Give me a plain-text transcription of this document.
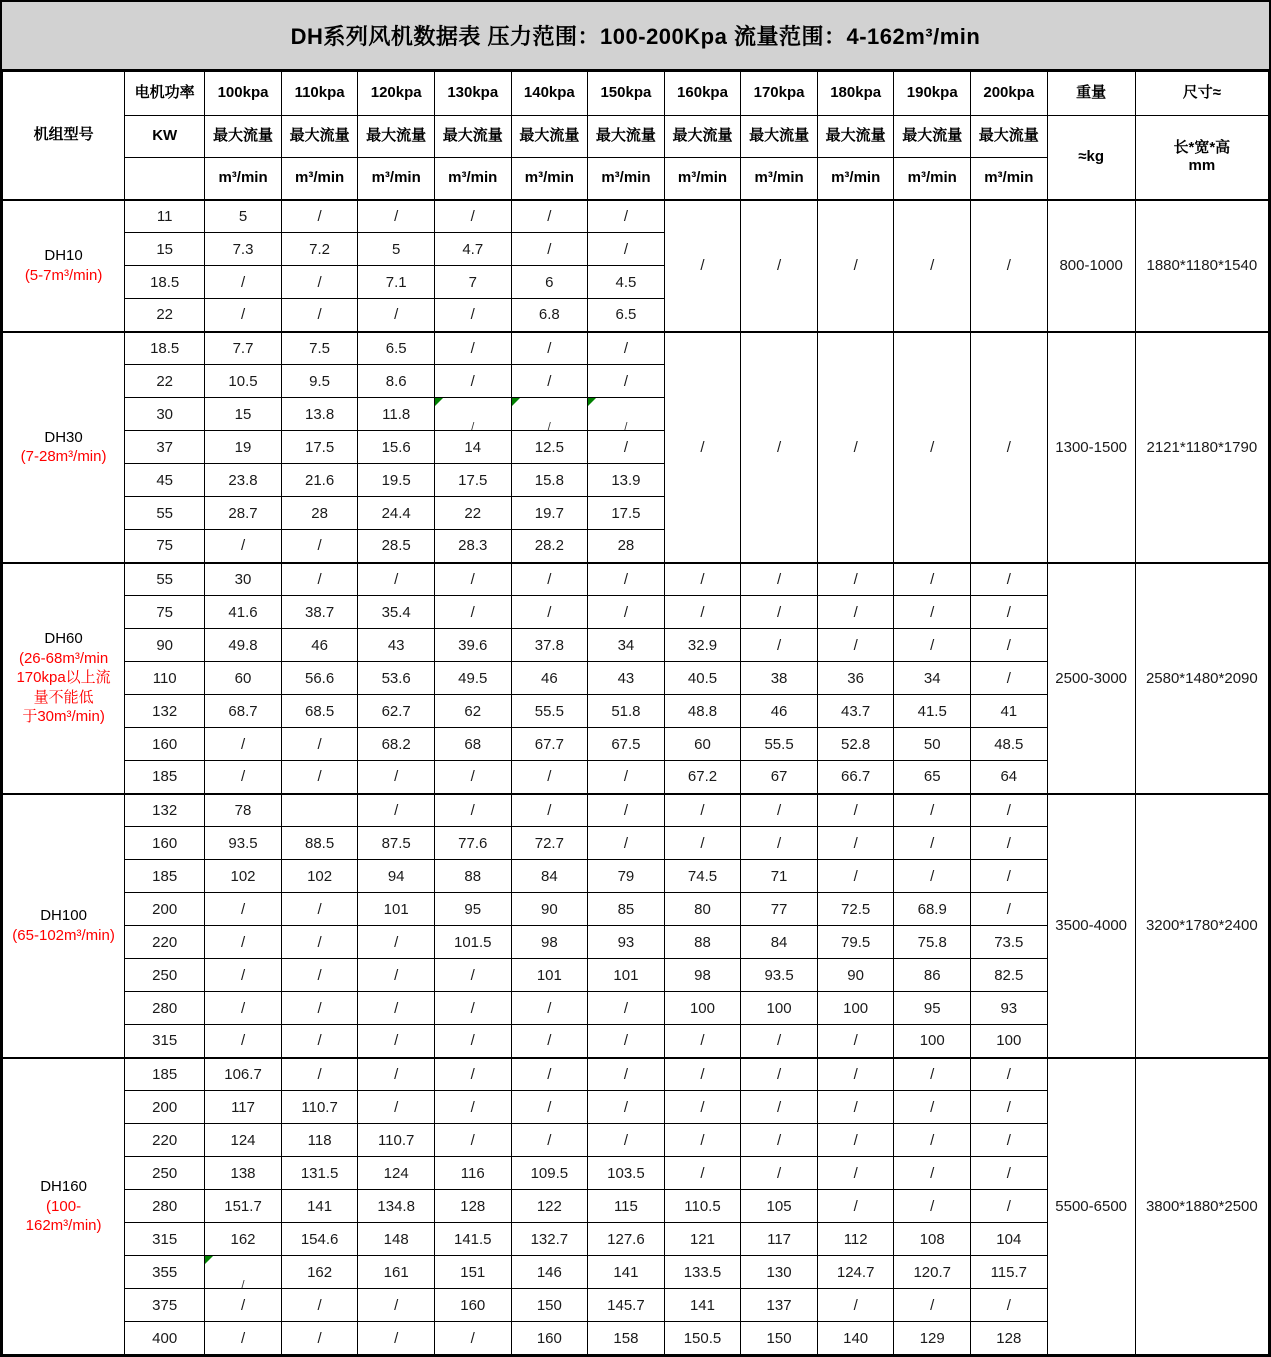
DH系列风机数据表 压力范围：100-200Kpa 流量范围：4-162m³/min
机组型号	电机功率	100kpa	110kpa	120kpa	130kpa	140kpa	150kpa	160kpa	170kpa	180kpa	190kpa	200kpa	重量	尺寸≈
	KW	最大流量	最大流量	最大流量	最大流量	最大流量	最大流量	最大流量	最大流量	最大流量	最大流量	最大流量	≈kg	长*宽*高
mm

		m³/min	m³/min	m³/min	m³/min	m³/min	m³/min	m³/min	m³/min	m³/min	m³/min	m³/min		

DH10
(5-7m³/min)	11	5	/	/	/	/	/	/	/	/	/	/	800-1000	1880*1180*1540
	15	7.3	7.2	5	4.7	/	/							
	18.5	/	/	7.1	7	6	4.5							
	22	/	/	/	/	6.8	6.5							

DH30
(7-28m³/min)	18.5	7.7	7.5	6.5	/	/	/	/	/	/	/	/	1300-1500	2121*1180*1790
	22	10.5	9.5	8.6	/	/	/							
	30	15	13.8	11.8	/	/	/							

	37	19	17.5	15.6	14	12.5	/							
	45	23.8	21.6	19.5	17.5	15.8	13.9							
	55	28.7	28	24.4	22	19.7	17.5							
	75	/	/	28.5	28.3	28.2	28							

DH60
(26-68m³/min
170kpa以上流
量不能低
于30m³/min)	55	30	/	/	/	/	/	/	/	/	/	/	2500-3000	2580*1480*2090
	75	41.6	38.7	35.4	/	/	/	/	/	/	/	/		
	90	49.8	46	43	39.6	37.8	34	32.9	/	/	/	/		
	110	60	56.6	53.6	49.5	46	43	40.5	38	36	34	/		
	132	68.7	68.5	62.7	62	55.5	51.8	48.8	46	43.7	41.5	41		
	160	/	/	68.2	68	67.7	67.5	60	55.5	52.8	50	48.5		
	185	/	/	/	/	/	/	67.2	67	66.7	65	64		

DH100
(65-102m³/min)	132	78		/	/	/	/	/	/	/	/	/	3500-4000	3200*1780*2400
	160	93.5	88.5	87.5	77.6	72.7	/	/	/	/	/	/		
	185	102	102	94	88	84	79	74.5	71	/	/	/		
	200	/	/	101	95	90	85	80	77	72.5	68.9	/		
	220	/	/	/	101.5	98	93	88	84	79.5	75.8	73.5		
	250	/	/	/	/	101	101	98	93.5	90	86	82.5		
	280	/	/	/	/	/	/	100	100	100	95	93		
	315	/	/	/	/	/	/	/	/	/	100	100		

DH160
(100-
162m³/min)	185	106.7	/	/	/	/	/	/	/	/	/	/	5500-6500	3800*1880*2500
	200	117	110.7	/	/	/	/	/	/	/	/	/		
	220	124	118	110.7	/	/	/	/	/	/	/	/		
	250	138	131.5	124	116	109.5	103.5	/	/	/	/	/		
	280	151.7	141	134.8	128	122	115	110.5	105	/	/	/		
	315	162	154.6	148	141.5	132.7	127.6	121	117	112	108	104		
	355	/	162	161	151	146	141	133.5	130	124.7	120.7	115.7		
	375	/	/	/	160	150	145.7	141	137	/	/	/		
	400	/	/	/	/	160	158	150.5	150	140	129	128		
